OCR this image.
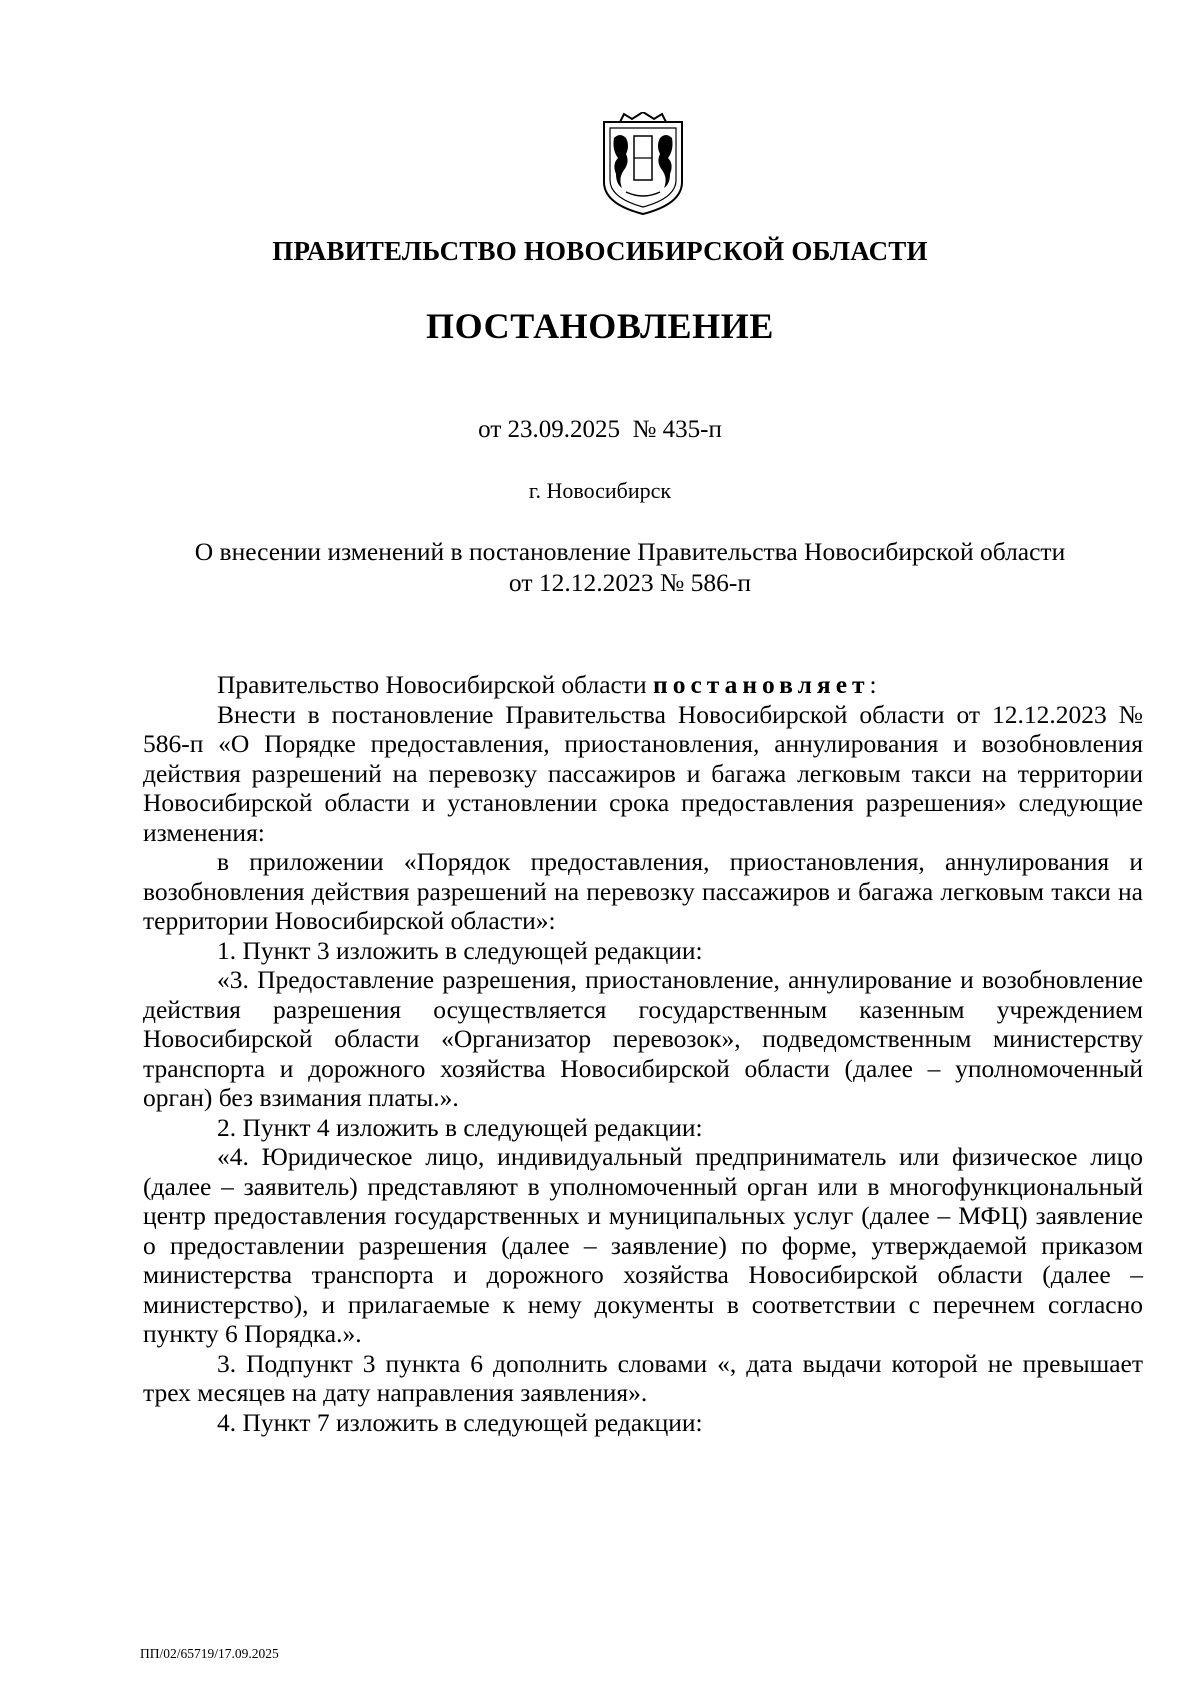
ПРАВИТЕЛЬСТВО НОВОСИБИРСКОЙ ОБЛАСТИ
ПОСТАНОВЛЕНИЕ
от 23.09.2025  № 435-п
г. Новосибирск
О внесении изменений в постановление Правительства Новосибирской области
от 12.12.2023 № 586-п

Правительство Новосибирской области постановляет:

Внести в постановление Правительства Новосибирской области от 12.12.2023 № 586-п «О Порядке предоставления, приостановления, аннулирования и возобновления действия разрешений на перевозку пассажиров и багажа легковым такси на территории Новосибирской области и установлении срока предоставления разрешения» следующие изменения:

в приложении «Порядок предоставления, приостановления, аннулирования и возобновления действия разрешений на перевозку пассажиров и багажа легковым такси на территории Новосибирской области»:

1. Пункт 3 изложить в следующей редакции:

«3. Предоставление разрешения, приостановление, аннулирование и возобновление действия разрешения осуществляется государственным казенным учреждением Новосибирской области «Организатор перевозок», подведомственным министерству транспорта и дорожного хозяйства Новосибирской области (далее – уполномоченный орган) без взимания платы.».

2. Пункт 4 изложить в следующей редакции:

«4. Юридическое лицо, индивидуальный предприниматель или физическое лицо (далее – заявитель) представляют в уполномоченный орган или в многофункциональный центр предоставления государственных и муниципальных услуг (далее – МФЦ) заявление о предоставлении разрешения (далее – заявление) по форме, утверждаемой приказом министерства транспорта и дорожного хозяйства Новосибирской области (далее – министерство), и прилагаемые к нему документы в соответствии с перечнем согласно пункту 6 Порядка.».

3. Подпункт 3 пункта 6 дополнить словами «, дата выдачи которой не превышает трех месяцев на дату направления заявления».

4. Пункт 7 изложить в следующей редакции:

ПП/02/65719/17.09.2025
